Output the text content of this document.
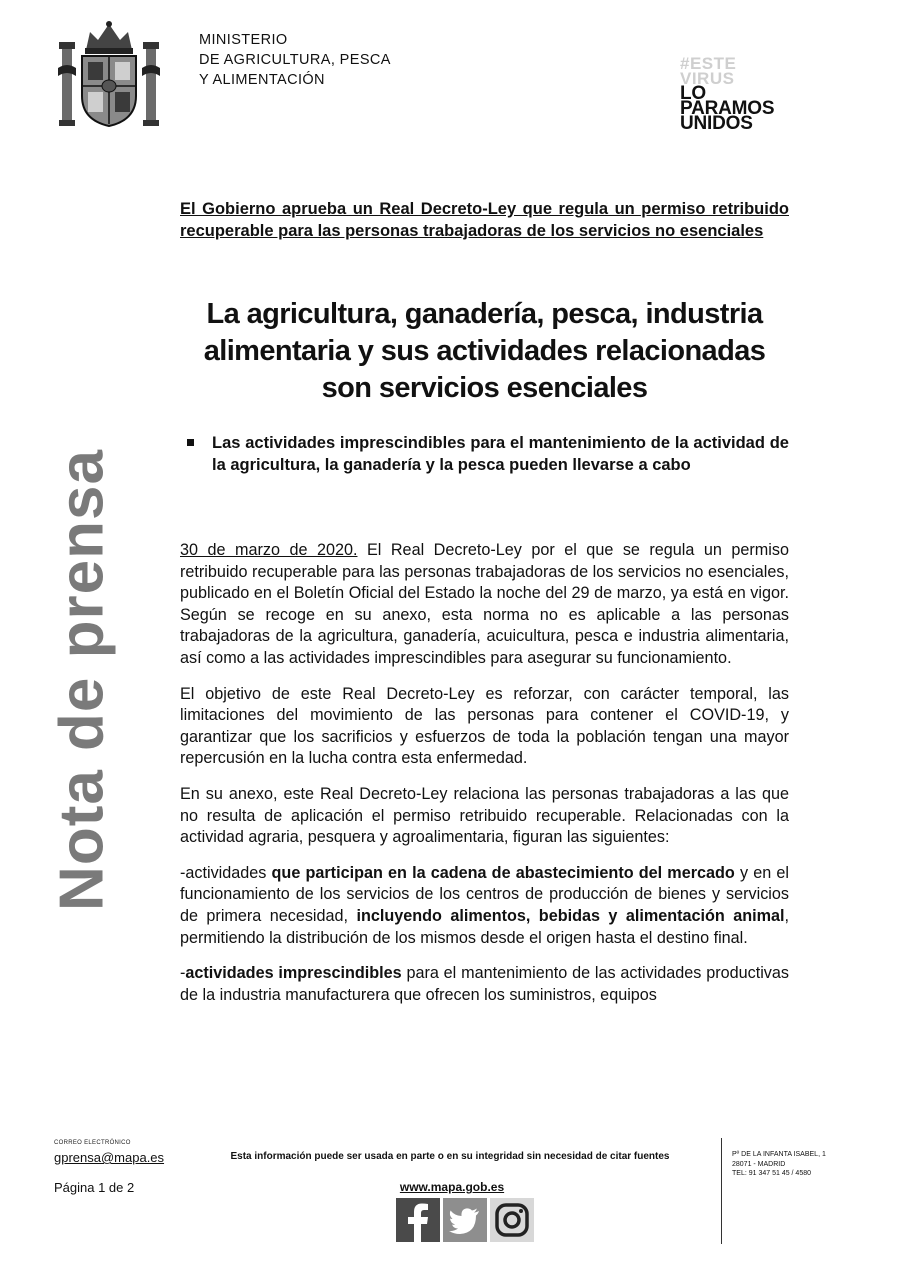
MINISTERIO
DE AGRICULTURA, PESCA
Y ALIMENTACIÓN
#ESTE
VIRUS
LO
PARAMOS
UNIDOS
Nota de prensa
El Gobierno aprueba un Real Decreto-Ley que regula un permiso retribuido recuperable para las personas trabajadoras de los servicios no esenciales
La agricultura, ganadería, pesca, industria alimentaria y sus actividades relacionadas son servicios esenciales
Las actividades imprescindibles para el mantenimiento de la actividad de la agricultura, la ganadería y la pesca pueden llevarse a cabo

30 de marzo de 2020. El Real Decreto-Ley por el que se regula un permiso retribuido recuperable para las personas trabajadoras de los servicios no esenciales, publicado en el Boletín Oficial del Estado la noche del 29 de marzo, ya está en vigor. Según se recoge en su anexo, esta norma no es aplicable a las personas trabajadoras de la agricultura, ganadería, acuicultura, pesca e industria alimentaria, así como a las actividades imprescindibles para asegurar su funcionamiento.

El objetivo de este Real Decreto-Ley es reforzar, con carácter temporal, las limitaciones del movimiento de las personas para contener el COVID-19, y garantizar que los sacrificios y esfuerzos de toda la población tengan una mayor repercusión en la lucha contra esta enfermedad.

En su anexo, este Real Decreto-Ley relaciona las personas trabajadoras a las que no resulta de aplicación el permiso retribuido recuperable. Relacionadas con la actividad agraria, pesquera y agroalimentaria, figuran las siguientes:

-actividades que participan en la cadena de abastecimiento del mercado y en el funcionamiento de los servicios de los centros de producción de bienes y servicios de primera necesidad, incluyendo alimentos, bebidas y alimentación animal, permitiendo la distribución de los mismos desde el origen hasta el destino final.

-actividades imprescindibles para el mantenimiento de las actividades productivas de la industria manufacturera que ofrecen los suministros, equipos

CORREO ELECTRÓNICO
gprensa@mapa.es
Página 1 de 2
Esta información puede ser usada en parte o en su integridad sin necesidad de citar fuentes
www.mapa.gob.es
Pº DE LA INFANTA ISABEL, 1
28071 - MADRID
TEL: 91 347 51 45 / 4580
